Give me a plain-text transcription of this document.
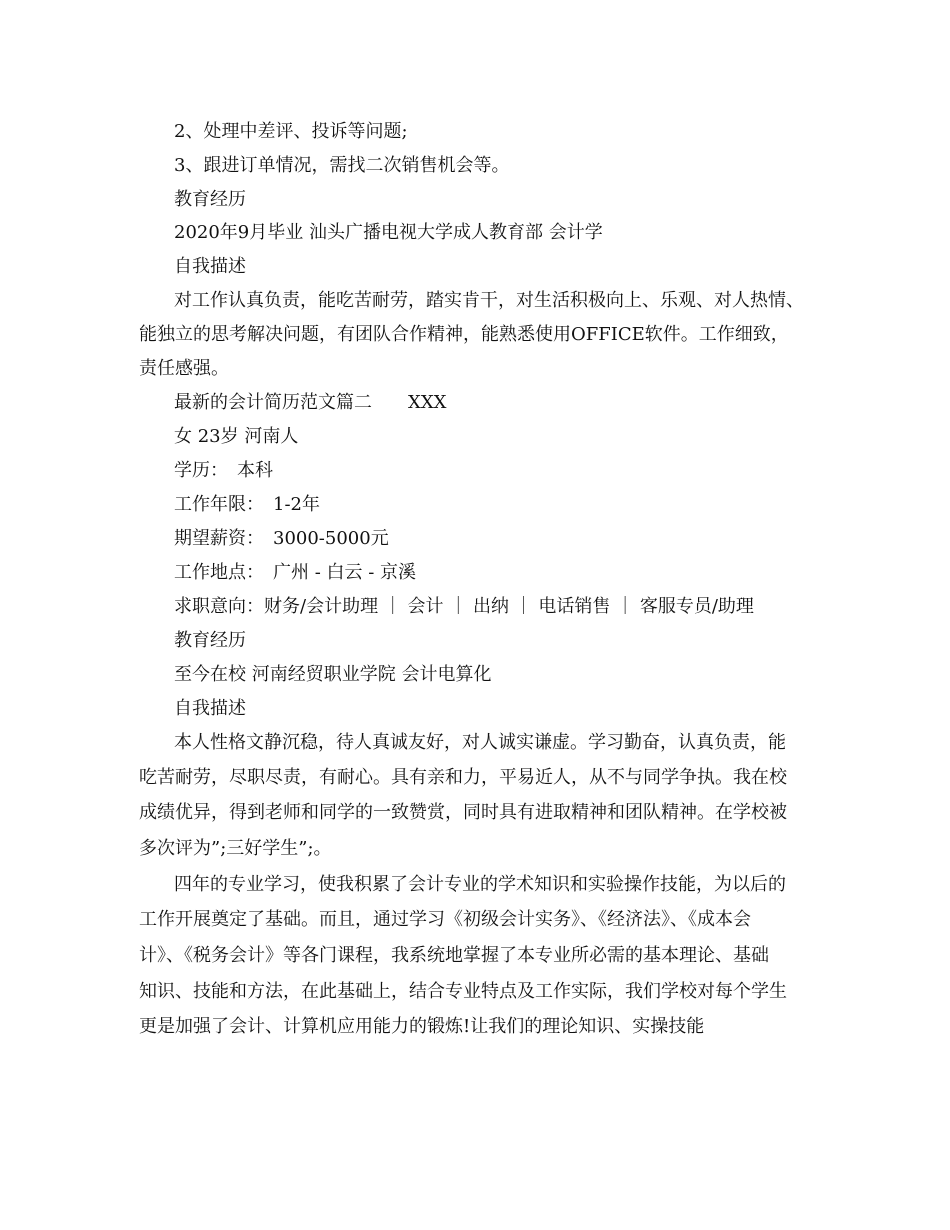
2、处理中差评、投诉等问题;

3、跟进订单情况，需找二次销售机会等。

教育经历

2020年9月毕业 汕头广播电视大学成人教育部 会计学

自我描述

对工作认真负责，能吃苦耐劳，踏实肯干，对生活积极向上、乐观、对人热情、

能独立的思考解决问题，有团队合作精神，能熟悉使用OFFICE软件。工作细致，

责任感强。

最新的会计简历范文篇二　　XXX

女 23岁 河南人

学历：　本科

工作年限：　1-2年

期望薪资：　3000-5000元

工作地点：　广州 - 白云 - 京溪

求职意向：财务/会计助理 ｜ 会计 ｜ 出纳 ｜ 电话销售 ｜ 客服专员/助理

教育经历

至今在校 河南经贸职业学院 会计电算化

自我描述

本人性格文静沉稳，待人真诚友好，对人诚实谦虚。学习勤奋，认真负责，能

吃苦耐劳，尽职尽责，有耐心。具有亲和力，平易近人，从不与同学争执。我在校

成绩优异，得到老师和同学的一致赞赏，同时具有进取精神和团队精神。在学校被

多次评为”;三好学生”;。

四年的专业学习，使我积累了会计专业的学术知识和实验操作技能，为以后的

工作开展奠定了基础。而且，通过学习《初级会计实务》、《经济法》、《成本会

计》、《税务会计》等各门课程，我系统地掌握了本专业所必需的基本理论、基础

知识、技能和方法，在此基础上，结合专业特点及工作实际，我们学校对每个学生

更是加强了会计、计算机应用能力的锻炼!让我们的理论知识、实操技能
